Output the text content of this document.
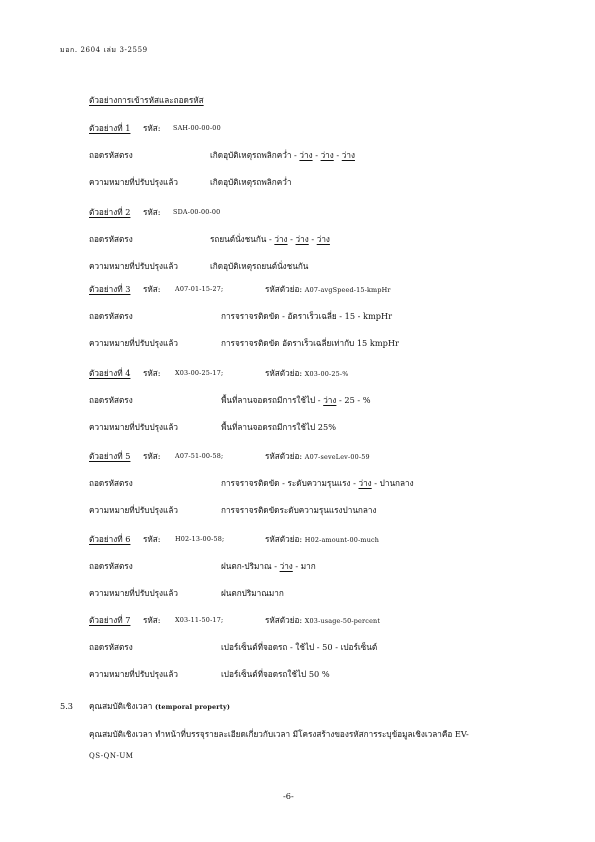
มอก. 2604 เล่ม 3-2559
ตัวอย่างการเข้ารหัสและถอดรหัส
ตัวอย่างที่ 1 รหัส: SAH-00-00-00
ถอดรหัสตรง	เกิดอุบัติเหตุรถพลิกคว่ำ - ว่าง - ว่าง - ว่าง
ความหมายที่ปรับปรุงแล้ว	เกิดอุบัติเหตุรถพลิกคว่ำ
ตัวอย่างที่ 2 รหัส: SDA-00-00-00
ถอดรหัสตรง	รถยนต์นั่งชนกัน - ว่าง - ว่าง - ว่าง
ความหมายที่ปรับปรุงแล้ว	เกิดอุบัติเหตุรถยนต์นั่งชนกัน
ตัวอย่างที่ 3 รหัส: A07-01-15-27;	รหัสตัวย่อ: A07-avgSpeed-15-kmpHr
ถอดรหัสตรง	การจราจรติดขัด - อัตราเร็วเฉลี่ย - 15 - kmpHr
ความหมายที่ปรับปรุงแล้ว	การจราจรติดขัด อัตราเร็วเฉลี่ยเท่ากับ 15 kmpHr
ตัวอย่างที่ 4 รหัส: X03-00-25-17;	รหัสตัวย่อ: X03-00-25-%
ถอดรหัสตรง	พื้นที่ลานจอดรถมีการใช้ไป - ว่าง - 25 - %
ความหมายที่ปรับปรุงแล้ว	พื้นที่ลานจอดรถมีการใช้ไป 25%
ตัวอย่างที่ 5 รหัส: A07-51-00-58;	รหัสตัวย่อ: A07-seveLev-00-59
ถอดรหัสตรง	การจราจรติดขัด - ระดับความรุนแรง - ว่าง - ปานกลาง
ความหมายที่ปรับปรุงแล้ว	การจราจรติดขัดระดับความรุนแรงปานกลาง
ตัวอย่างที่ 6 รหัส: H02-13-00-58;	รหัสตัวย่อ: H02-amount-00-much
ถอดรหัสตรง	ฝนตก-ปริมาณ - ว่าง - มาก
ความหมายที่ปรับปรุงแล้ว	ฝนตกปริมาณมาก
ตัวอย่างที่ 7 รหัส: X03-11-50-17;	รหัสตัวย่อ: X03-usage-50-percent
ถอดรหัสตรง	เปอร์เซ็นต์ที่จอดรถ - ใช้ไป - 50 - เปอร์เซ็นต์
ความหมายที่ปรับปรุงแล้ว	เปอร์เซ็นต์ที่จอดรถใช้ไป 50 %
5.3 คุณสมบัติเชิงเวลา (temporal property)
คุณสมบัติเชิงเวลา ทำหน้าที่บรรจุรายละเอียดเกี่ยวกับเวลา มีโครงสร้างของรหัสการระบุข้อมูลเชิงเวลาคือ EV-
QS-QN-UM
-6-
